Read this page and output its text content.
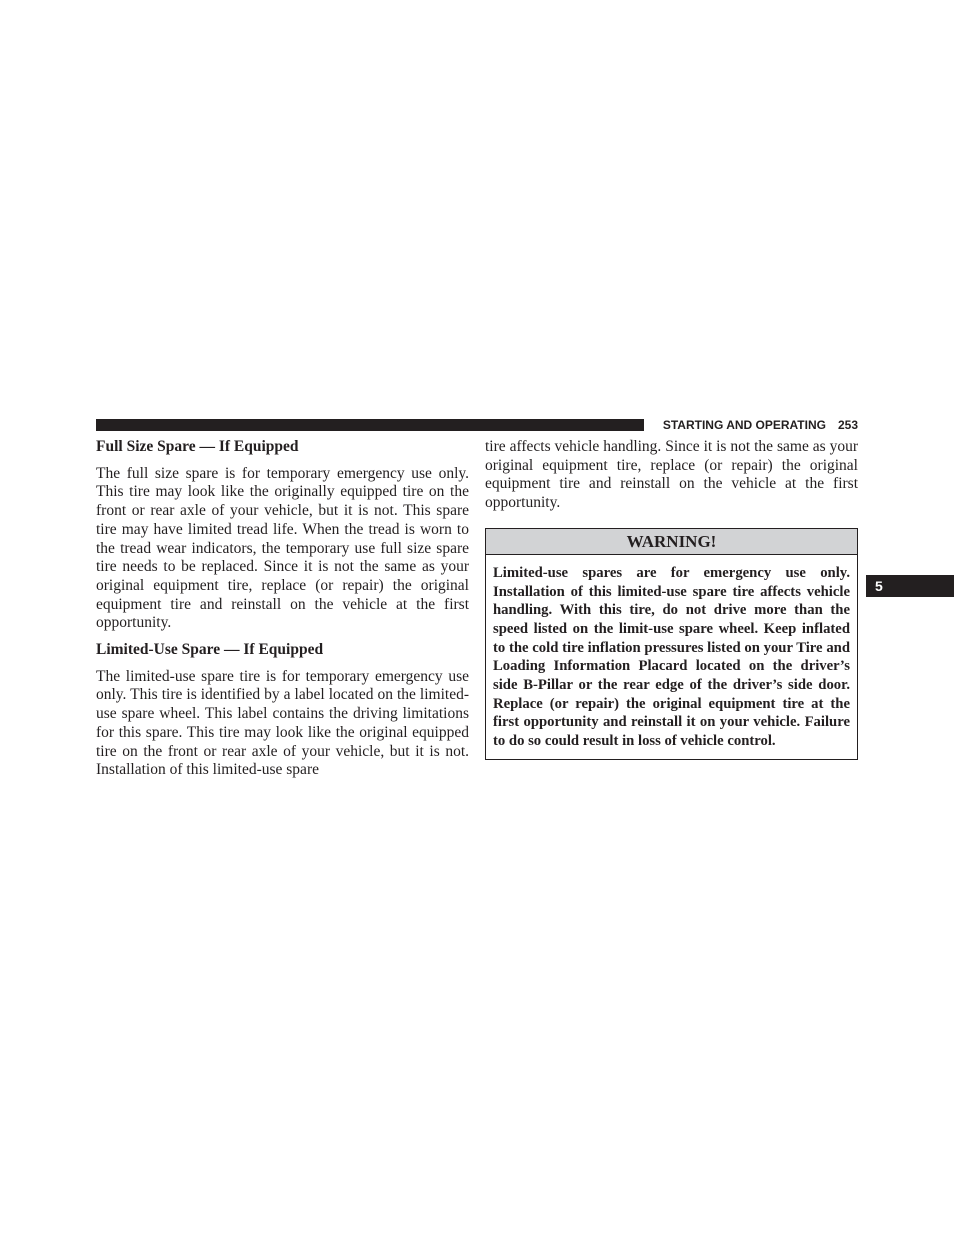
STARTING AND OPERATING 253
Full Size Spare — If Equipped

The full size spare is for temporary emergency use only. This tire may look like the originally equipped tire on the front or rear axle of your vehicle, but it is not. This spare tire may have limited tread life. When the tread is worn to the tread wear indicators, the temporary use full size spare tire needs to be replaced. Since it is not the same as your original equipment tire, replace (or repair) the original equipment tire and reinstall on the vehicle at the first opportunity.

Limited-Use Spare — If Equipped

The limited-use spare tire is for temporary emergency use only. This tire is identified by a label located on the limited-use spare wheel. This label contains the driving limitations for this spare. This tire may look like the original equipped tire on the front or rear axle of your vehicle, but it is not. Installation of this limited-use spare

tire affects vehicle handling. Since it is not the same as your original equipment tire, replace (or repair) the original equipment tire and reinstall on the vehicle at the first opportunity.

WARNING!
Limited-use spares are for emergency use only. Installation of this limited-use spare tire affects vehicle handling. With this tire, do not drive more than the speed listed on the limit-use spare wheel. Keep inflated to the cold tire inflation pressures listed on your Tire and Loading Information Placard located on the driver’s side B-Pillar or the rear edge of the driver’s side door. Replace (or repair) the original equipment tire at the first opportunity and reinstall it on your vehicle. Failure to do so could result in loss of vehicle control.
5
